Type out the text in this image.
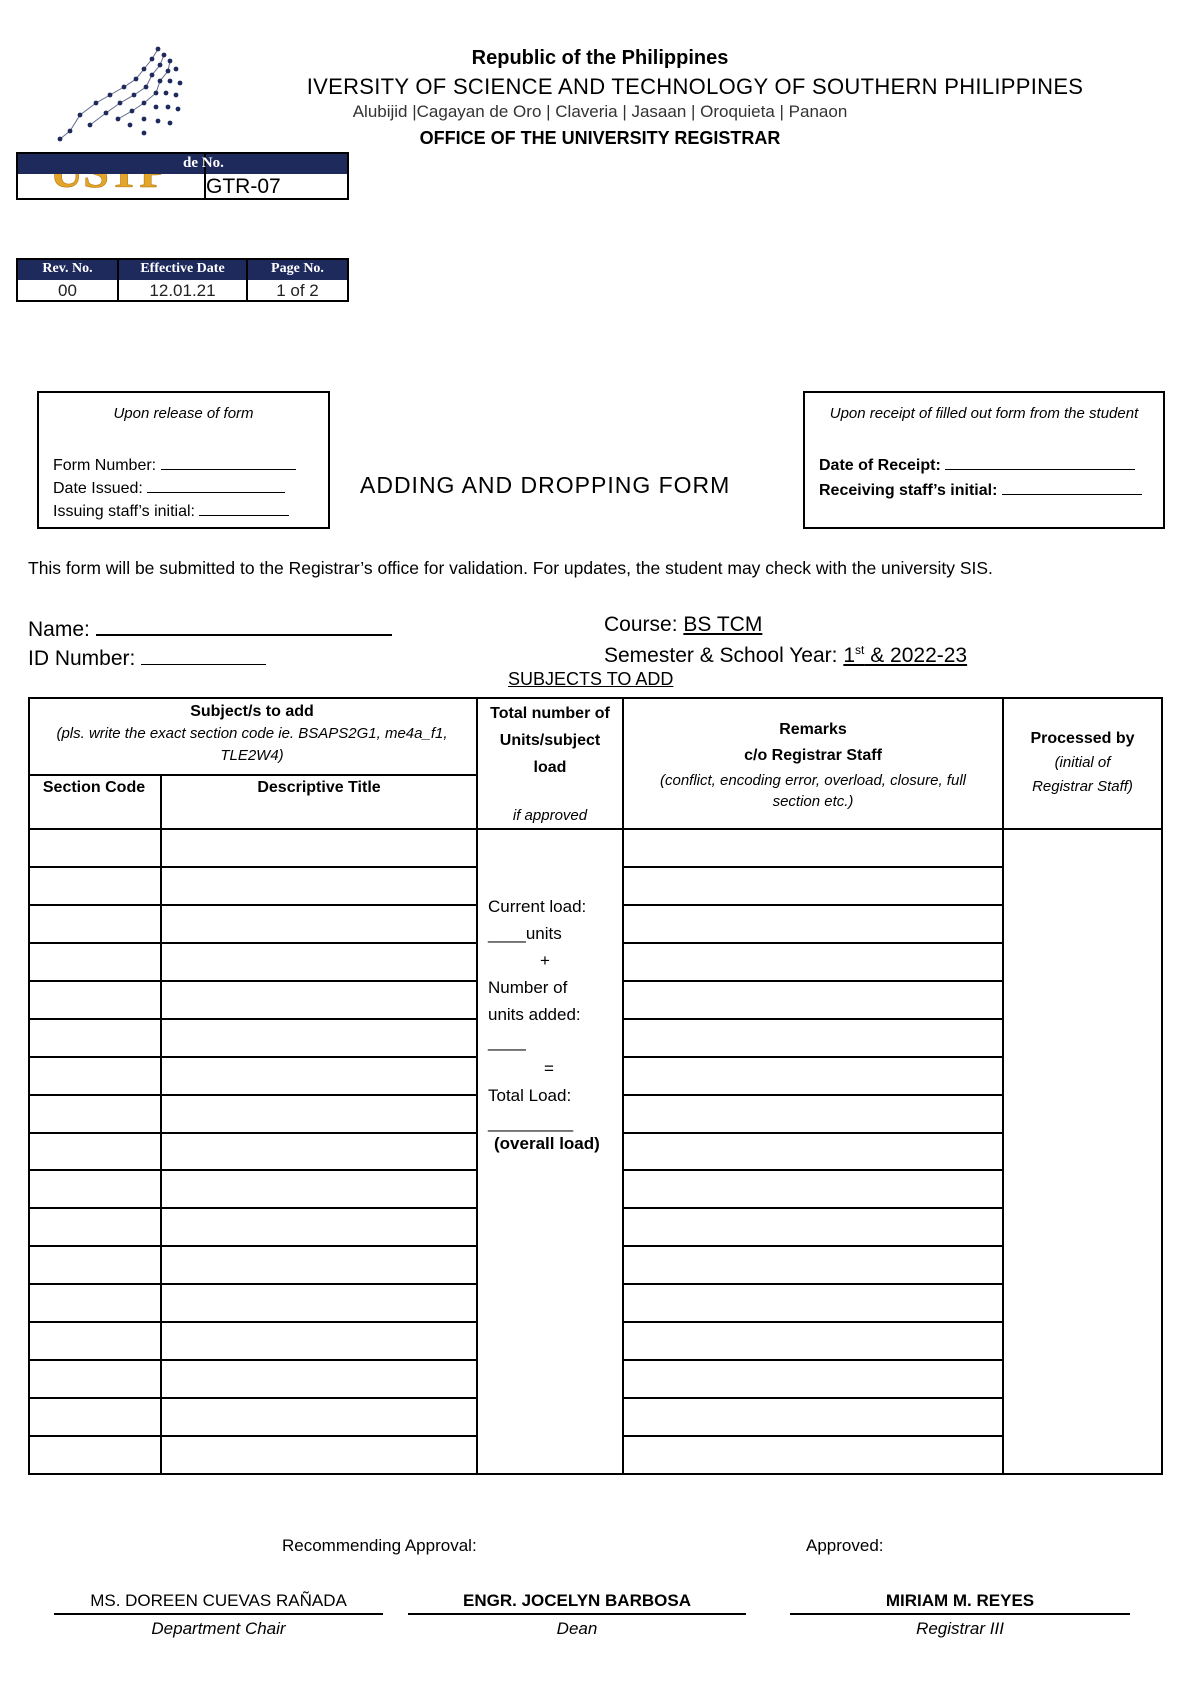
Republic of the Philippines
IVERSITY OF SCIENCE AND TECHNOLOGY OF SOUTHERN PHILIPPINES
Alubijid |Cagayan de Oro | Claveria | Jasaan | Oroquieta | Panaon
OFFICE OF THE UNIVERSITY REGISTRAR
de No.
GTR-07
Rev. No.	Effective Date	Page No.
00	12.01.21	1 of 2
Upon release of form
Form Number:
Date Issued:
Issuing staff’s initial:
ADDING AND DROPPING FORM
Upon receipt of filled out form from the student
Date of Receipt:
Receiving staff’s initial:
This form will be submitted to the Registrar’s office for validation. For updates, the student may check with the university SIS.
Name:
ID Number:
Course: BS TCM
Semester & School Year: 1st & 2022-23
SUBJECTS TO ADD
Subject/s to add
(pls. write the exact section code ie. BSAPS2G1, me4a_f1, TLE2W4)
Section Code	Descriptive Title
Total number of Units/subject load
if approved
Remarks
c/o Registrar Staff
(conflict, encoding error, overload, closure, full section etc.)
Processed by
(initial of Registrar Staff)
Current load:
____units
+
Number of
units added:
____
=
Total Load:
_________
(overall load)
Recommending Approval:	Approved:
MS. DOREEN CUEVAS RAÑADA
Department Chair
ENGR. JOCELYN BARBOSA
Dean
MIRIAM M. REYES
Registrar III
